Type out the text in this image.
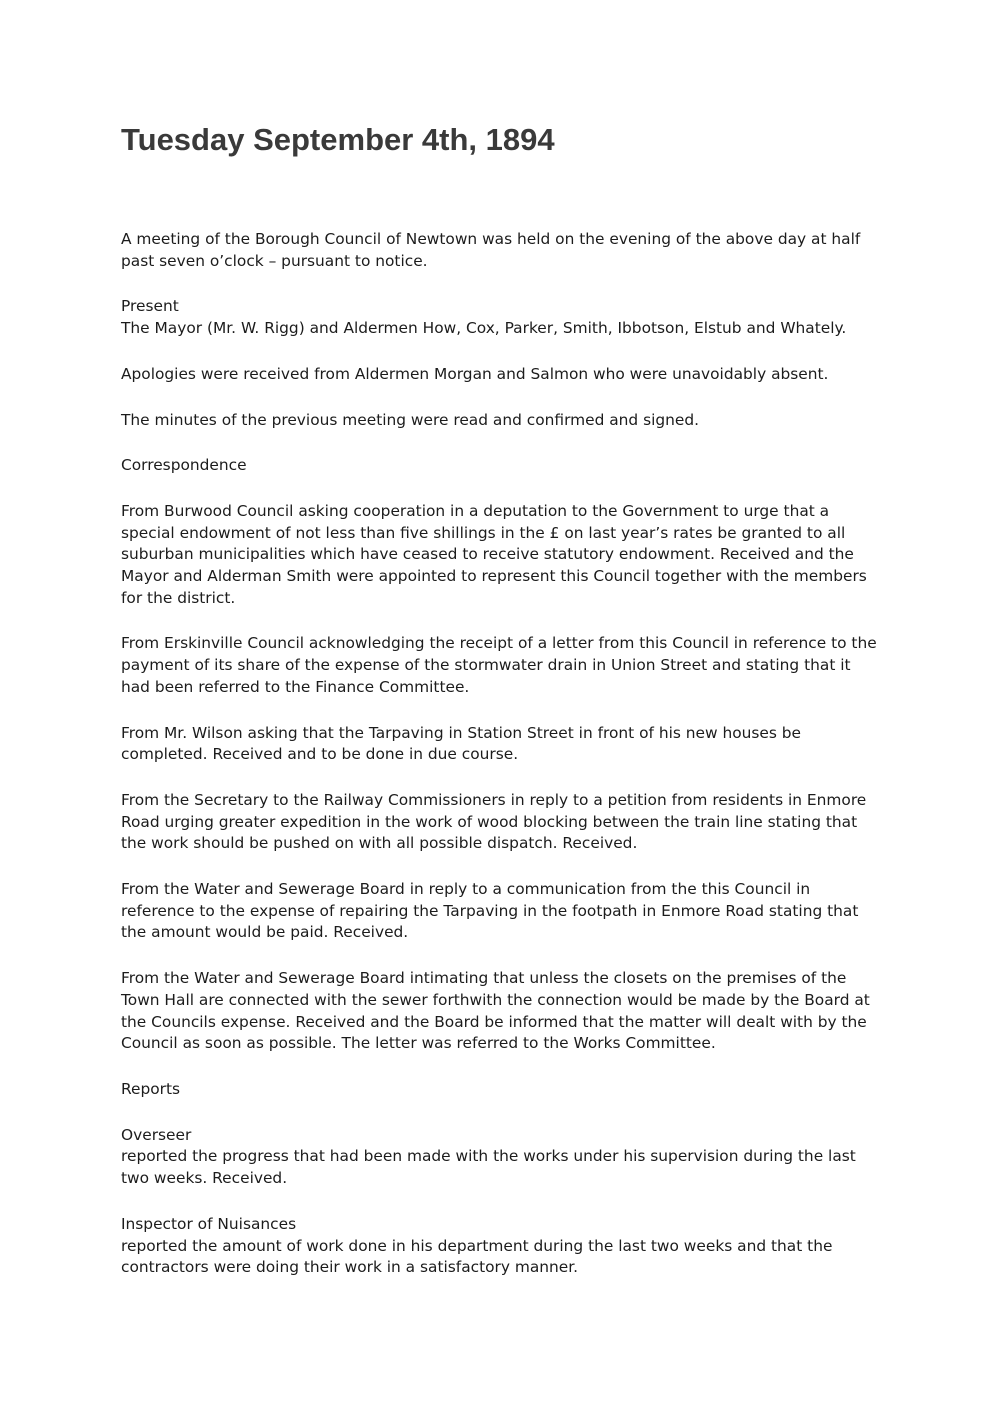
Tuesday September 4th, 1894

A meeting of the Borough Council of Newtown was held on the evening of the above day at half past seven o’clock – pursuant to notice.

Present
The Mayor (Mr. W. Rigg) and Aldermen How, Cox, Parker, Smith, Ibbotson, Elstub and Whately.

Apologies were received from Aldermen Morgan and Salmon who were unavoidably absent.

The minutes of the previous meeting were read and confirmed and signed.

Correspondence

From Burwood Council asking cooperation in a deputation to the Government to urge that a special endowment of not less than five shillings in the £ on last year’s rates be granted to all suburban municipalities which have ceased to receive statutory endowment. Received and the Mayor and Alderman Smith were appointed to represent this Council together with the members for the district.

From Erskinville Council acknowledging the receipt of a letter from this Council in reference to the payment of its share of the expense of the stormwater drain in Union Street and stating that it had been referred to the Finance Committee.

From Mr. Wilson asking that the Tarpaving in Station Street in front of his new houses be completed. Received and to be done in due course.

From the Secretary to the Railway Commissioners in reply to a petition from residents in Enmore Road urging greater expedition in the work of wood blocking between the train line stating that the work should be pushed on with all possible dispatch. Received.

From the Water and Sewerage Board in reply to a communication from the this Council in reference to the expense of repairing the Tarpaving in the footpath in Enmore Road stating that the amount would be paid. Received.

From the Water and Sewerage Board intimating that unless the closets on the premises of the Town Hall are connected with the sewer forthwith the connection would be made by the Board at the Councils expense. Received and the Board be informed that the matter will dealt with by the Council as soon as possible. The letter was referred to the Works Committee.

Reports

Overseer
reported the progress that had been made with the works under his supervision during the last two weeks. Received.

Inspector of Nuisances
reported the amount of work done in his department during the last two weeks and that the contractors were doing their work in a satisfactory manner.
